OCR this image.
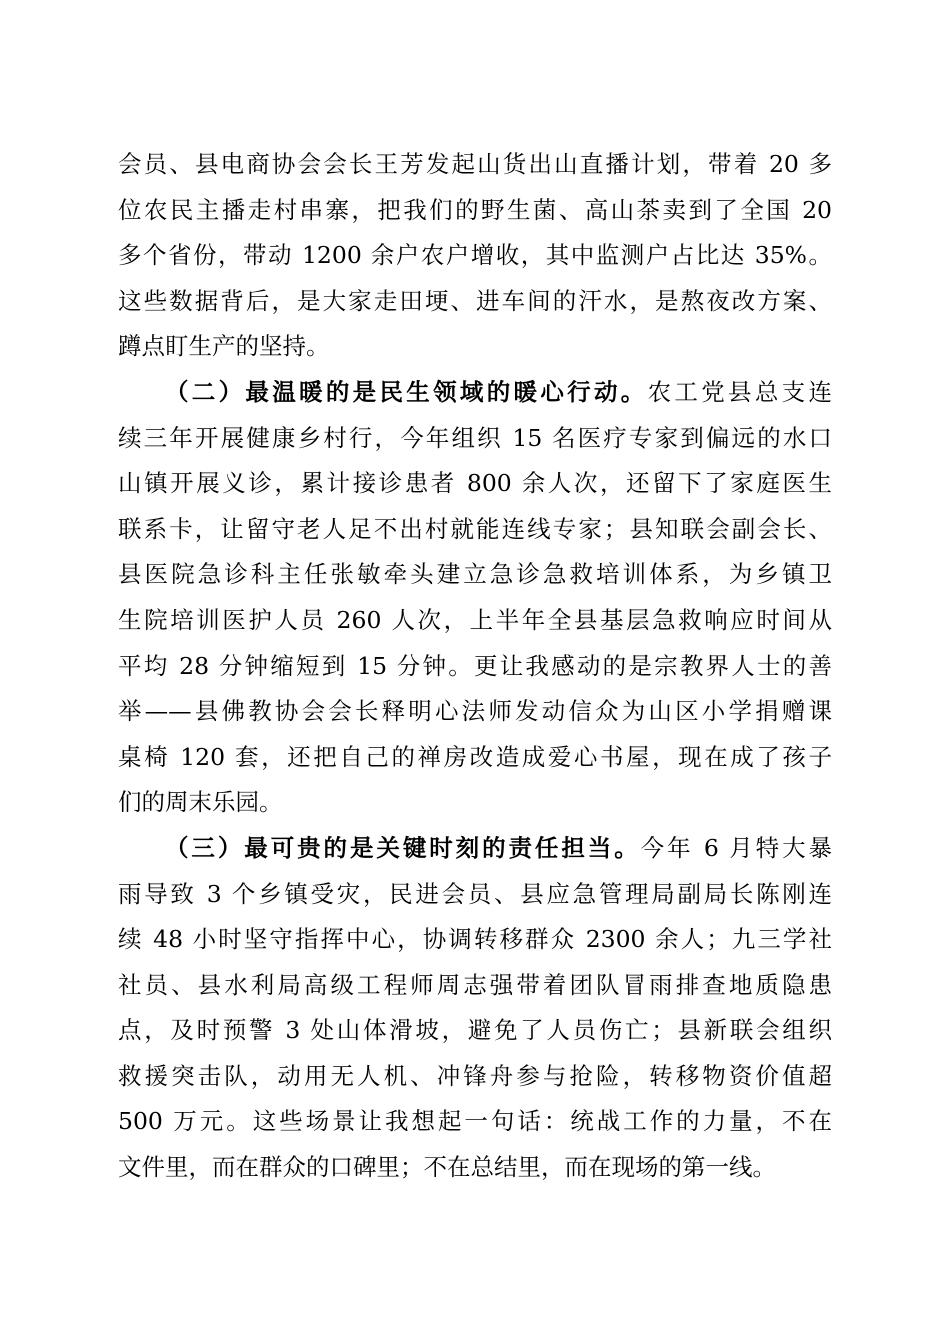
会员、县电商协会会长王芳发起山货出山直播计划，带着 20 多
位农民主播走村串寨，把我们的野生菌、高山茶卖到了全国 20
多个省份，带动 1200 余户农户增收，其中监测户占比达 35%。
这些数据背后，是大家走田埂、进车间的汗水，是熬夜改方案、
蹲点盯生产的坚持。
（二）最温暖的是民生领域的暖心行动。农工党县总支连
续三年开展健康乡村行，今年组织 15 名医疗专家到偏远的水口
山镇开展义诊，累计接诊患者 800 余人次，还留下了家庭医生
联系卡，让留守老人足不出村就能连线专家；县知联会副会长、
县医院急诊科主任张敏牵头建立急诊急救培训体系，为乡镇卫
生院培训医护人员 260 人次，上半年全县基层急救响应时间从
平均 28 分钟缩短到 15 分钟。更让我感动的是宗教界人士的善
举——县佛教协会会长释明心法师发动信众为山区小学捐赠课
桌椅 120 套，还把自己的禅房改造成爱心书屋，现在成了孩子
们的周末乐园。
（三）最可贵的是关键时刻的责任担当。今年 6 月特大暴
雨导致 3 个乡镇受灾，民进会员、县应急管理局副局长陈刚连
续 48 小时坚守指挥中心，协调转移群众 2300 余人；九三学社
社员、县水利局高级工程师周志强带着团队冒雨排查地质隐患
点，及时预警 3 处山体滑坡，避免了人员伤亡；县新联会组织
救援突击队，动用无人机、冲锋舟参与抢险，转移物资价值超
500 万元。这些场景让我想起一句话：统战工作的力量，不在
文件里，而在群众的口碑里；不在总结里，而在现场的第一线。
